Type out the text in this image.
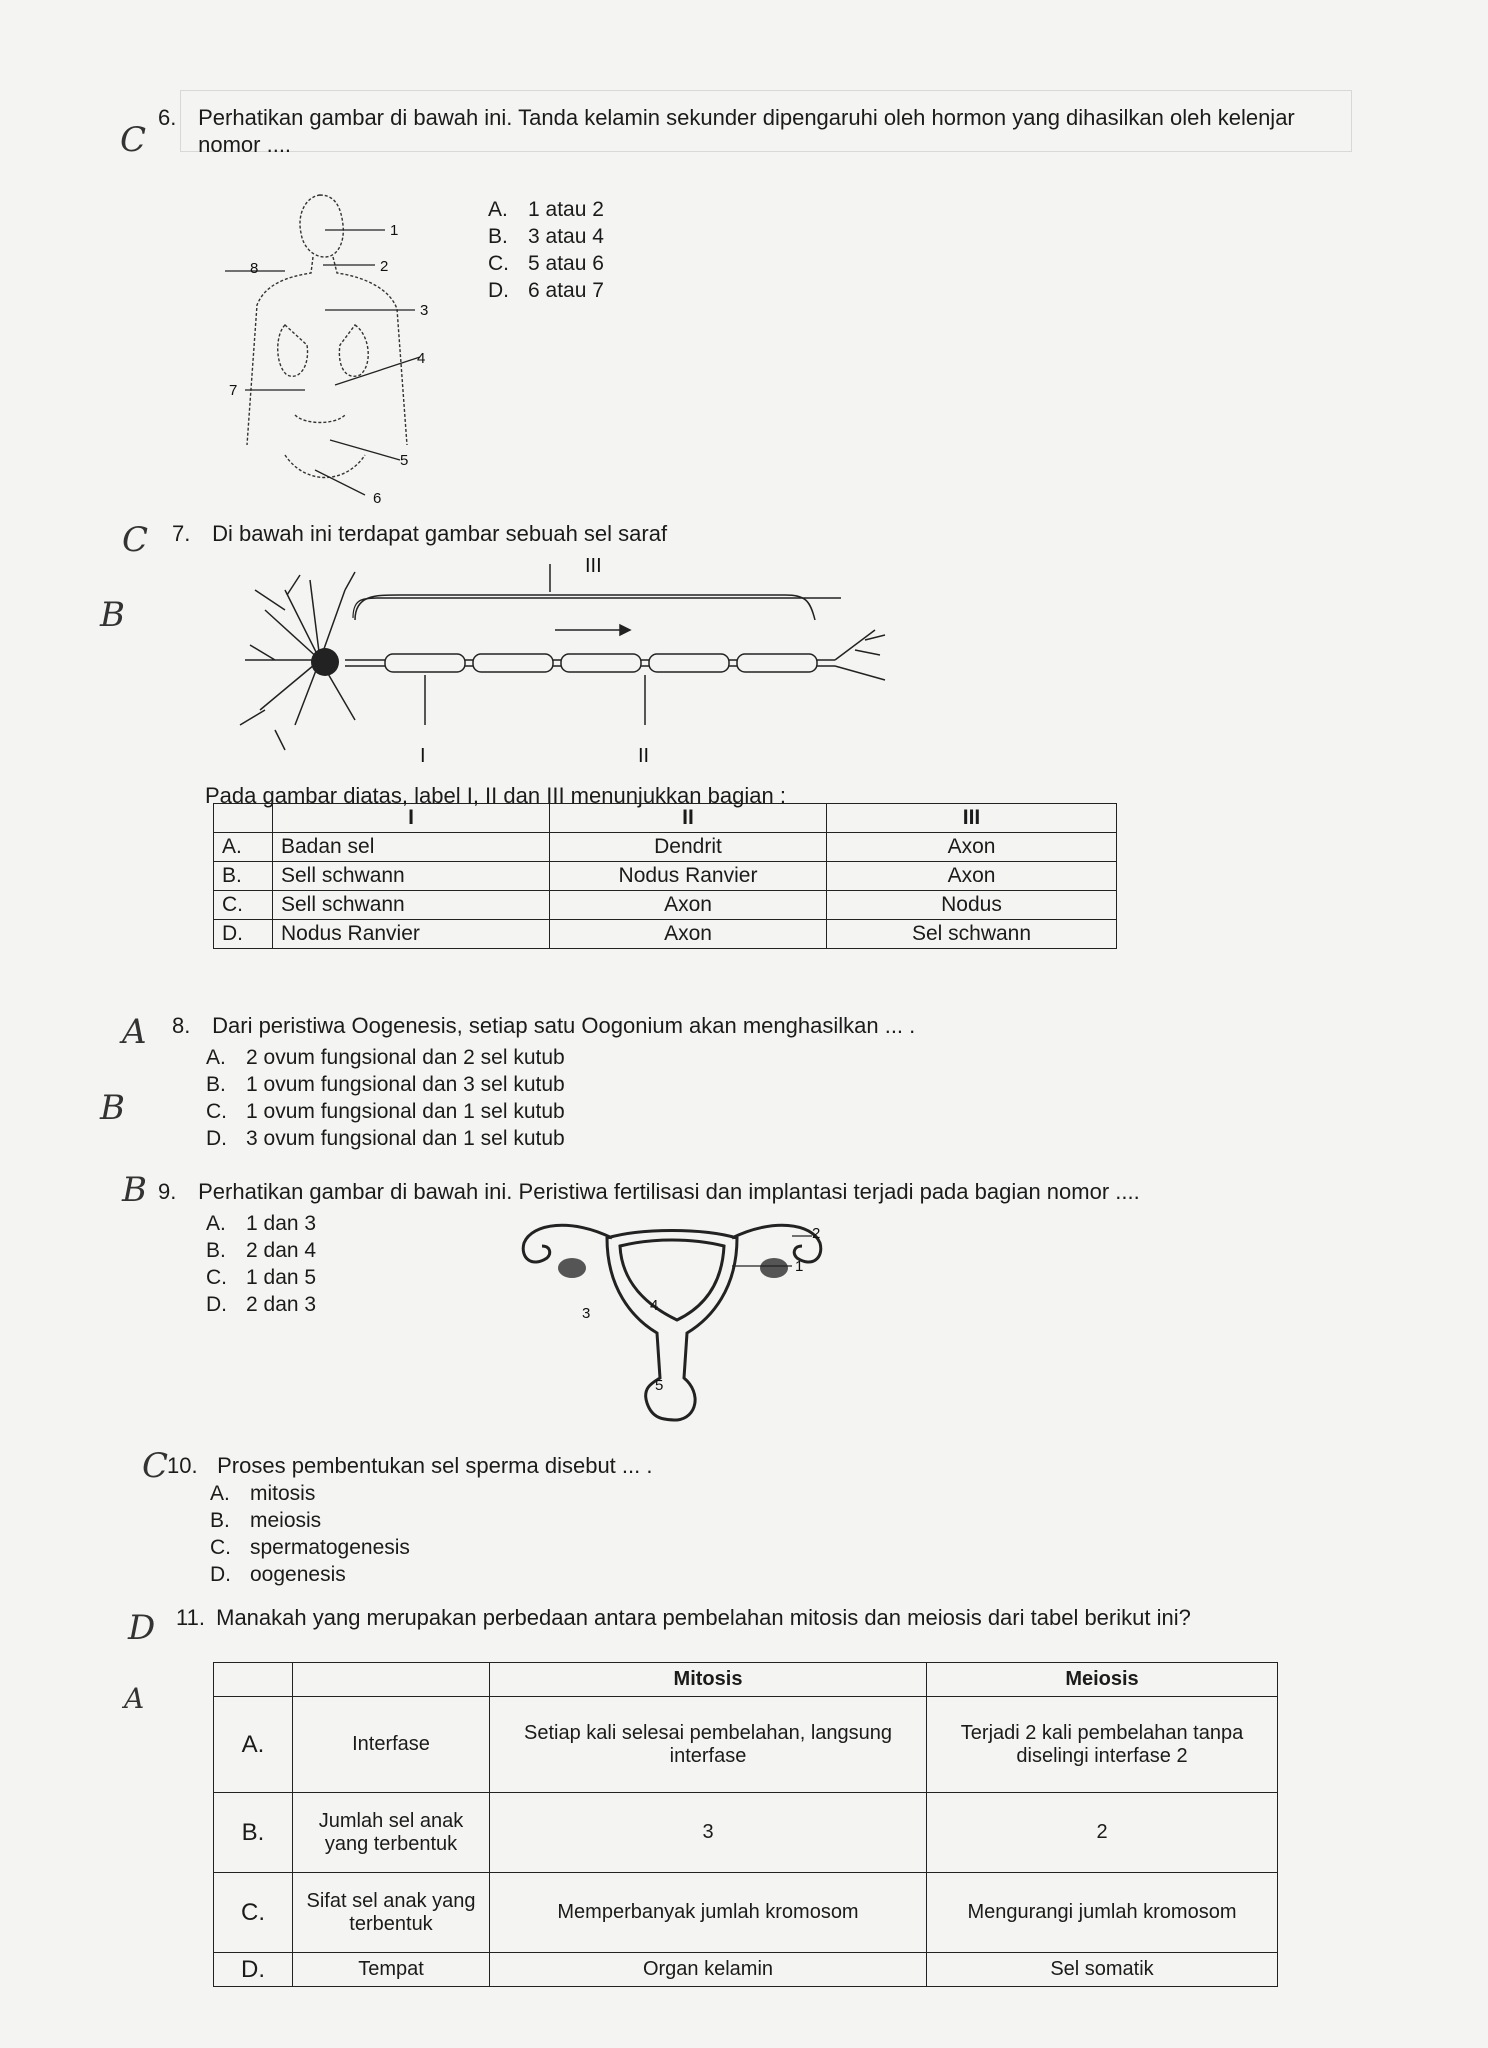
C
6. Perhatikan gambar di bawah ini. Tanda kelamin sekunder dipengaruhi oleh hormon yang dihasilkan oleh kelenjar nomor ....
1
2
3
4
5
6
7
8
A. 1 atau 2
B. 3 atau 4
C. 5 atau 6
D. 6 atau 7
C
B
7. Di bawah ini terdapat gambar sebuah sel saraf
I	II
III
Pada gambar diatas, label I, II dan III menunjukkan bagian :
	I	II	III
A.	Badan sel	Dendrit	Axon
B.	Sell schwann	Nodus Ranvier	Axon
C.	Sell schwann	Axon	Nodus
D.	Nodus Ranvier	Axon	Sel schwann
A
B
8. Dari peristiwa Oogenesis, setiap satu Oogonium akan menghasilkan ... .
A. 2 ovum fungsional dan 2 sel kutub
B. 1 ovum fungsional dan 3 sel kutub
C. 1 ovum fungsional dan 1 sel kutub
D. 3 ovum fungsional dan 1 sel kutub
B 9. Perhatikan gambar di bawah ini. Peristiwa fertilisasi dan implantasi terjadi pada bagian nomor ....
A. 1 dan 3
B. 2 dan 4
C. 1 dan 5
D. 2 dan 3
1
2
3	4
5
C
10. Proses pembentukan sel sperma disebut ... .
A. mitosis
B. meiosis
C. spermatogenesis
D. oogenesis
D
A
11. Manakah yang merupakan perbedaan antara pembelahan mitosis dan meiosis dari tabel berikut ini?
		Mitosis	Meiosis
A.	Interfase	Setiap kali selesai pembelahan, langsung interfase	Terjadi 2 kali pembelahan tanpa diselingi interfase 2
B.	Jumlah sel anak yang terbentuk	3	2
C.	Sifat sel anak yang terbentuk	Memperbanyak jumlah kromosom	Mengurangi jumlah kromosom
D.	Tempat	Organ kelamin	Sel somatik
